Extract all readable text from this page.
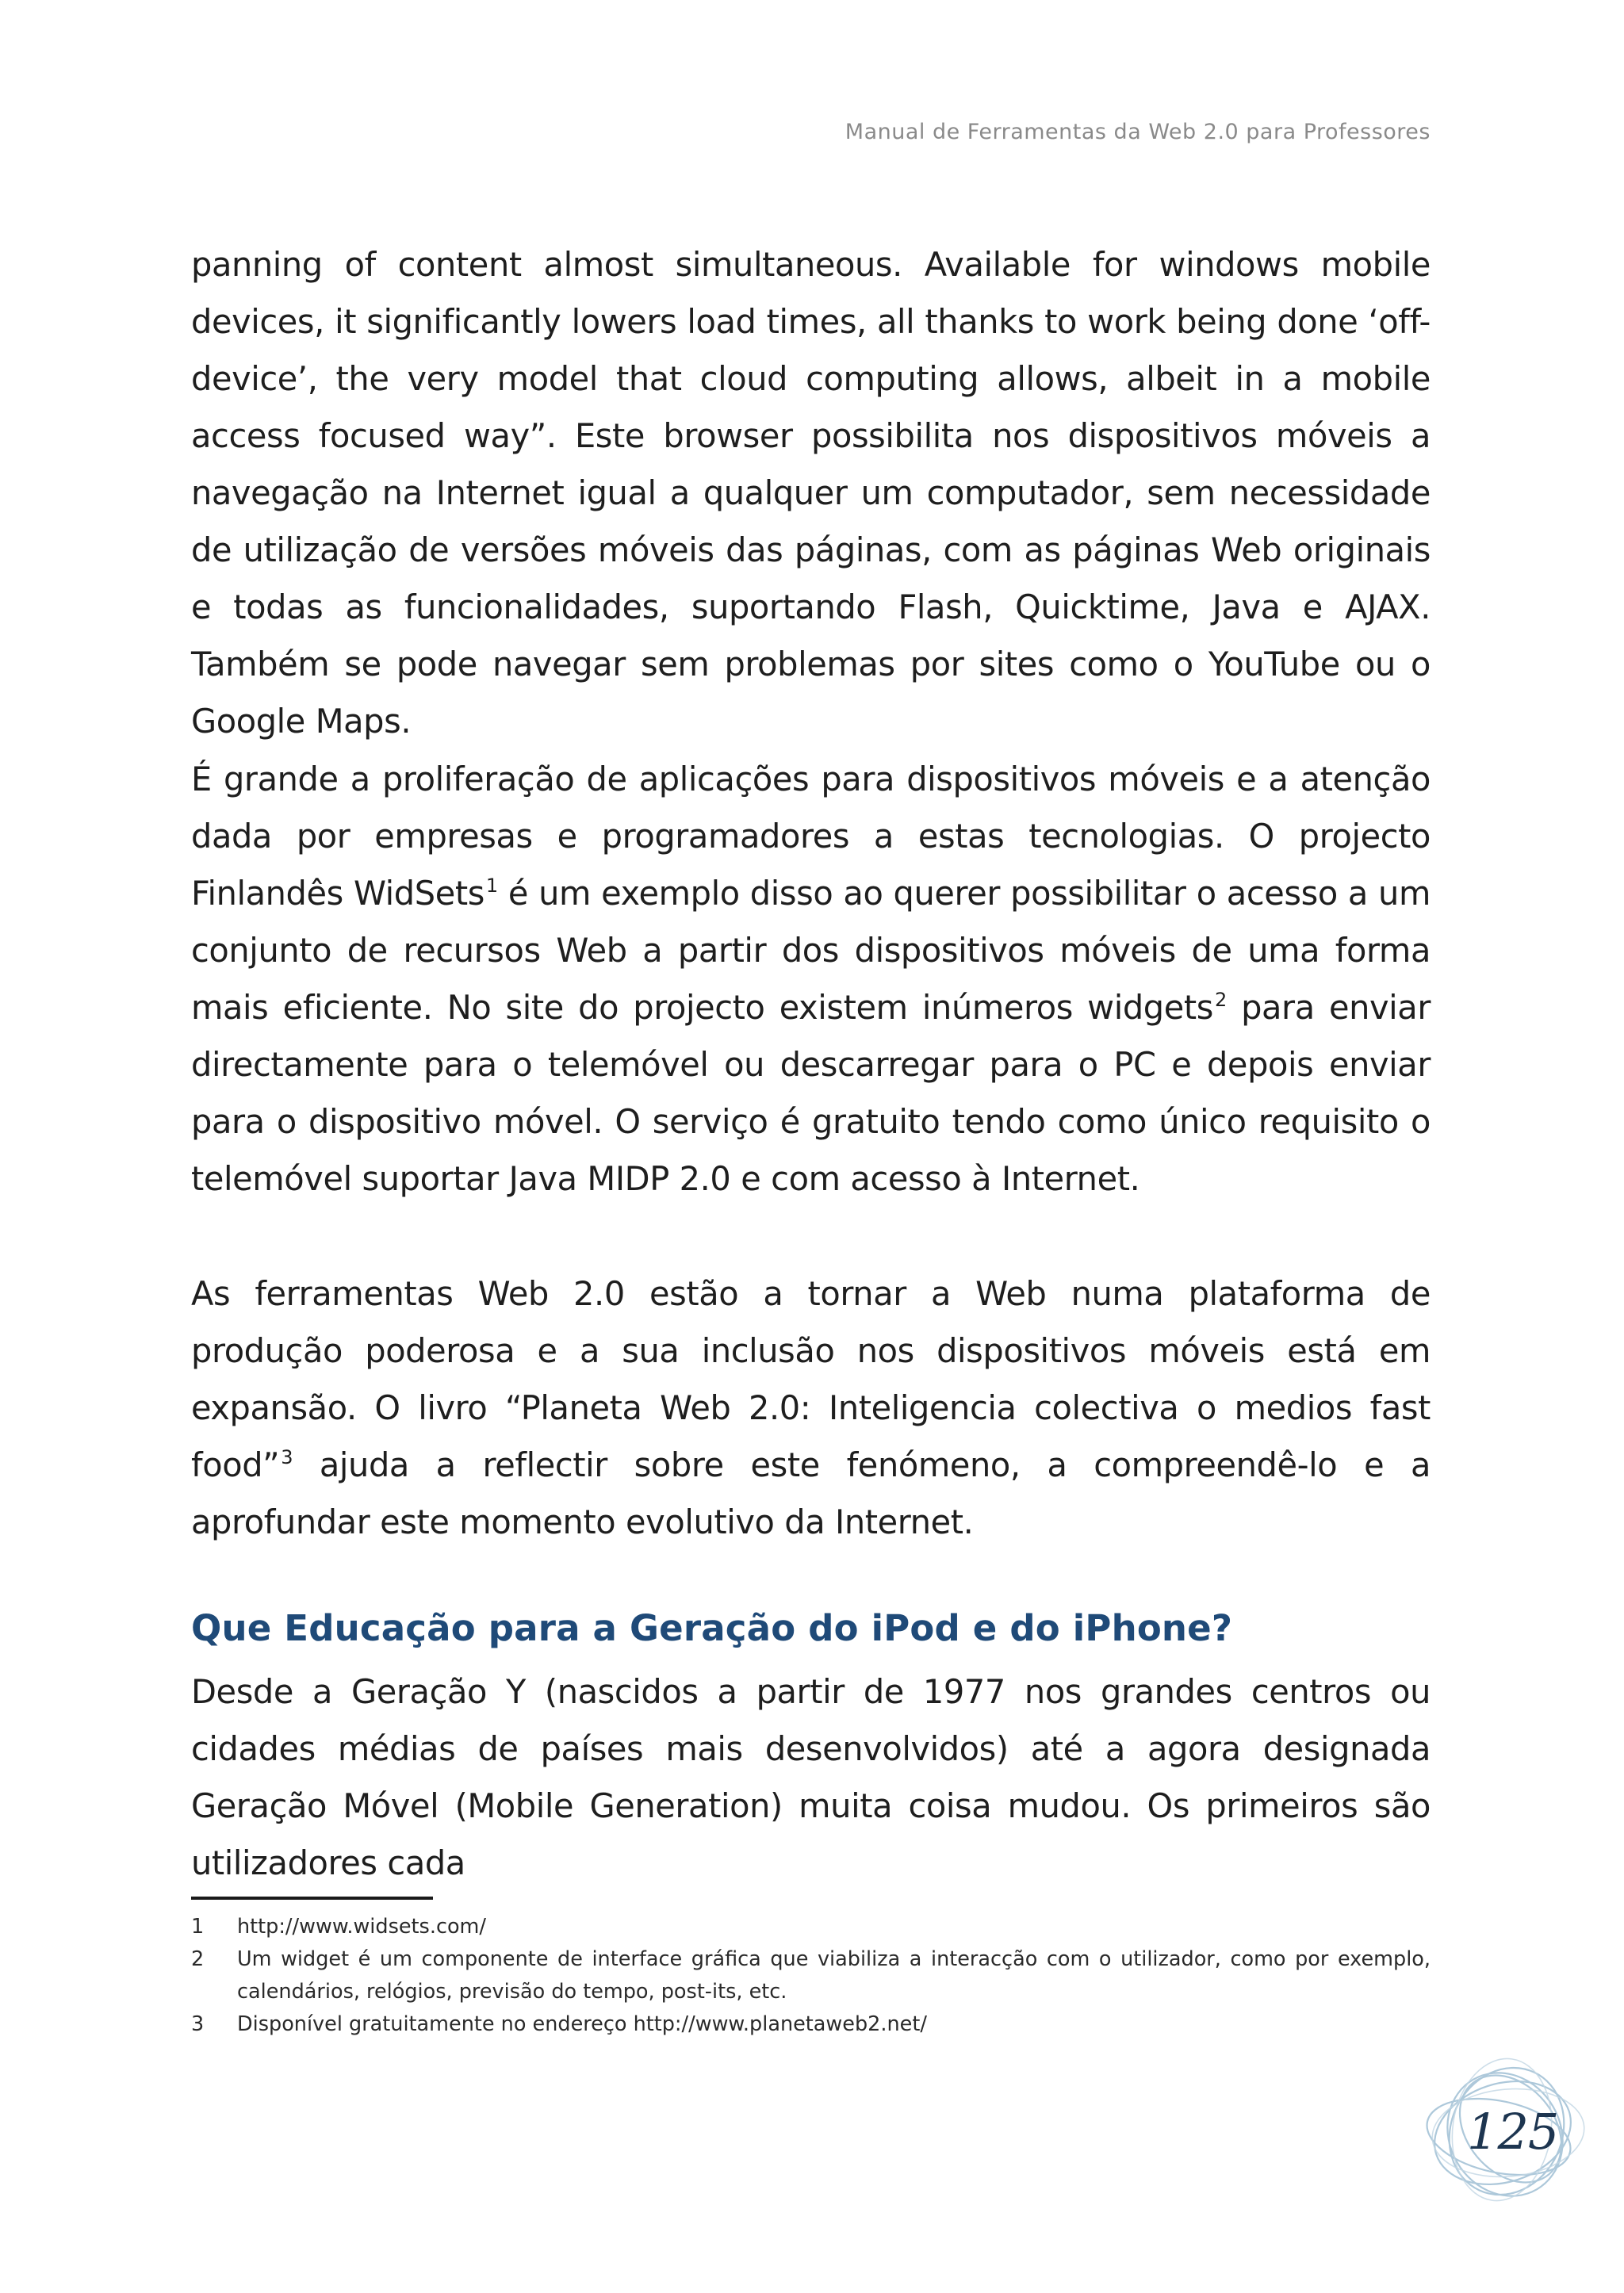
Manual de Ferramentas da Web 2.0 para Professores

panning of content almost simultaneous. Available for windows mobile devices, it significantly lowers load times, all thanks to work being done ‘off-device’, the very model that cloud computing allows, albeit in a mobile access focused way”. Este browser possibilita nos dispositivos móveis a navegação na Internet igual a qualquer um computador, sem necessidade de utilização de versões móveis das páginas, com as páginas Web originais e todas as funcionalidades, suportando Flash, Quicktime, Java e AJAX. Também se pode navegar sem problemas por sites como o YouTube ou o Google Maps.

É grande a proliferação de aplicações para dispositivos móveis e a atenção dada por empresas e programadores a estas tecnologias. O projecto Finlandês WidSets$^1$ é um exemplo disso ao querer possibilitar o acesso a um conjunto de recursos Web a partir dos dispositivos móveis de uma forma mais eficiente. No site do projecto existem inúmeros widgets$^2$ para enviar directamente para o telemóvel ou descarregar para o PC e depois enviar para o dispositivo móvel. O serviço é gratuito tendo como único requisito o telemóvel suportar Java MIDP 2.0 e com acesso à Internet.

As ferramentas Web 2.0 estão a tornar a Web numa plataforma de produção poderosa e a sua inclusão nos dispositivos móveis está em expansão. O livro “Planeta Web 2.0: Inteligencia colectiva o medios fast food”$^3$ ajuda a reflectir sobre este fenómeno, a compreendê-lo e a aprofundar este momento evolutivo da Internet.

Que Educação para a Geração do iPod e do iPhone?

Desde a Geração Y (nascidos a partir de 1977 nos grandes centros ou cidades médias de países mais desenvolvidos) até a agora designada Geração Móvel (Mobile Generation) muita coisa mudou. Os primeiros são utilizadores cada

1	http://www.widsets.com/
2	Um widget é um componente de interface gráfica que viabiliza a interacção com o utilizador, como por exemplo, calendários, relógios, previsão do tempo, post-its, etc.
3	Disponível gratuitamente no endereço http://www.planetaweb2.net/
125
